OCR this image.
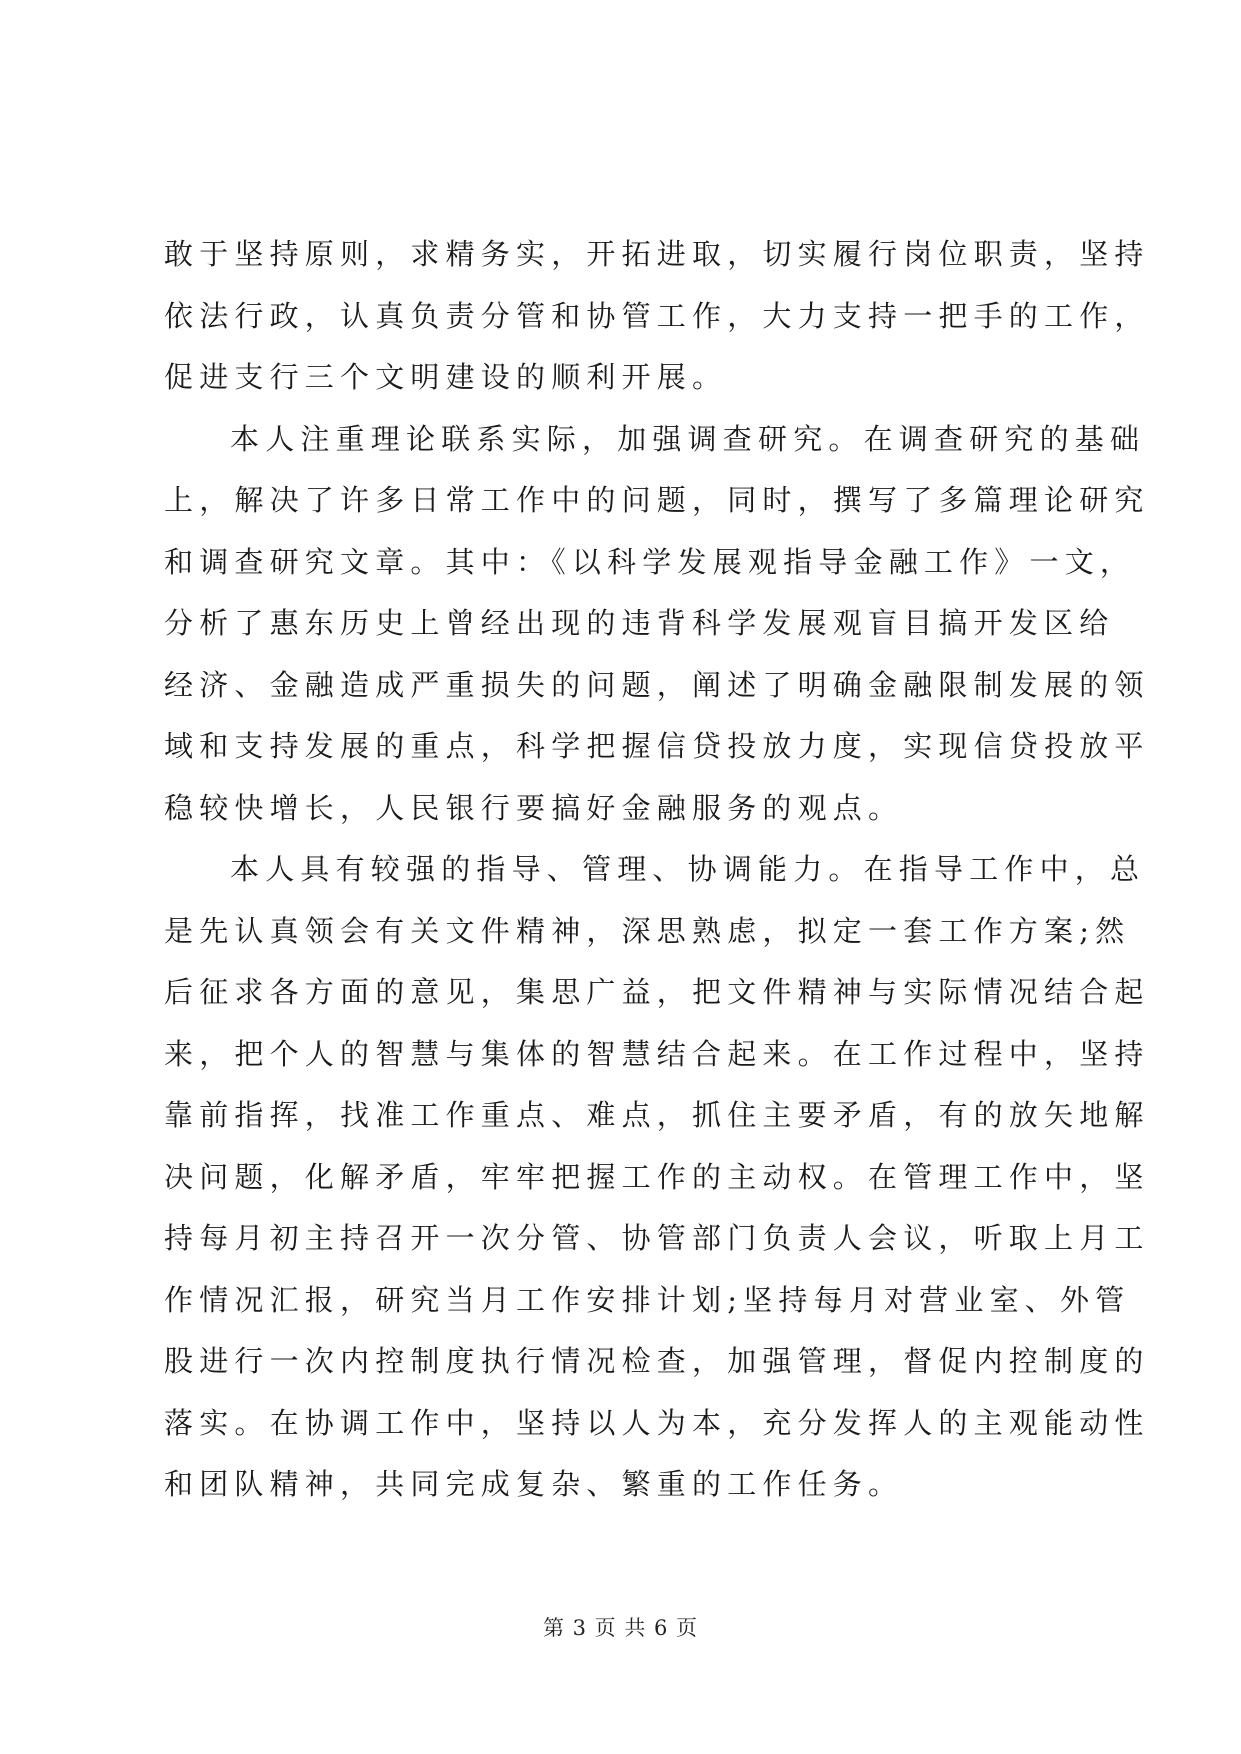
敢于坚持原则，求精务实，开拓进取，切实履行岗位职责，坚持
依法行政，认真负责分管和协管工作，大力支持一把手的工作，
促进支行三个文明建设的顺利开展。

本人注重理论联系实际，加强调查研究。在调查研究的基础
上，解决了许多日常工作中的问题，同时，撰写了多篇理论研究
和调查研究文章。其中：《以科学发展观指导金融工作》一文，
分析了惠东历史上曾经出现的违背科学发展观盲目搞开发区给
经济、金融造成严重损失的问题，阐述了明确金融限制发展的领
域和支持发展的重点，科学把握信贷投放力度，实现信贷投放平
稳较快增长，人民银行要搞好金融服务的观点。

本人具有较强的指导、管理、协调能力。在指导工作中，总
是先认真领会有关文件精神，深思熟虑，拟定一套工作方案;然
后征求各方面的意见，集思广益，把文件精神与实际情况结合起
来，把个人的智慧与集体的智慧结合起来。在工作过程中，坚持
靠前指挥，找准工作重点、难点，抓住主要矛盾，有的放矢地解
决问题，化解矛盾，牢牢把握工作的主动权。在管理工作中，坚
持每月初主持召开一次分管、协管部门负责人会议，听取上月工
作情况汇报，研究当月工作安排计划;坚持每月对营业室、外管
股进行一次内控制度执行情况检查，加强管理，督促内控制度的
落实。在协调工作中，坚持以人为本，充分发挥人的主观能动性
和团队精神，共同完成复杂、繁重的工作任务。

第 3 页 共 6 页
